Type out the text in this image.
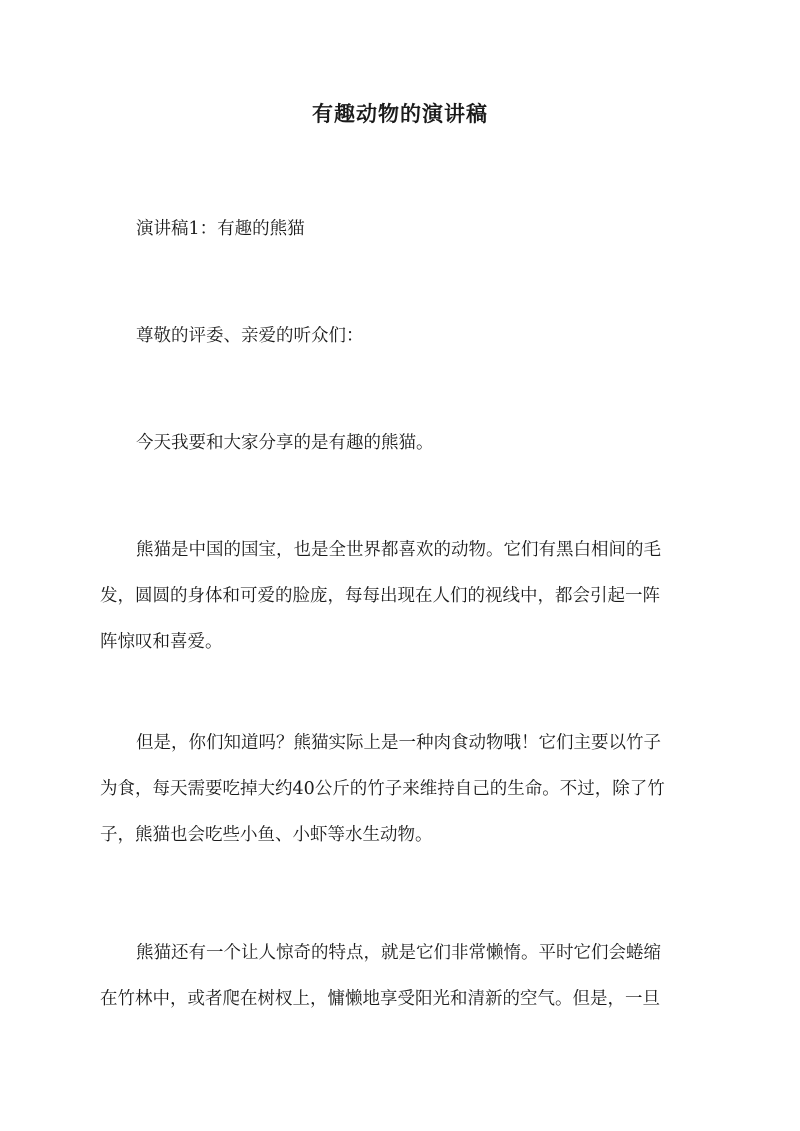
有趣动物的演讲稿

演讲稿1：有趣的熊猫

尊敬的评委、亲爱的听众们：

今天我要和大家分享的是有趣的熊猫。

熊猫是中国的国宝，也是全世界都喜欢的动物。它们有黑白相间的毛
发，圆圆的身体和可爱的脸庞，每每出现在人们的视线中，都会引起一阵
阵惊叹和喜爱。

但是，你们知道吗？熊猫实际上是一种肉食动物哦！它们主要以竹子
为食，每天需要吃掉大约40公斤的竹子来维持自己的生命。不过，除了竹
子，熊猫也会吃些小鱼、小虾等水生动物。

熊猫还有一个让人惊奇的特点，就是它们非常懒惰。平时它们会蜷缩
在竹林中，或者爬在树杈上，慵懒地享受阳光和清新的空气。但是，一旦
